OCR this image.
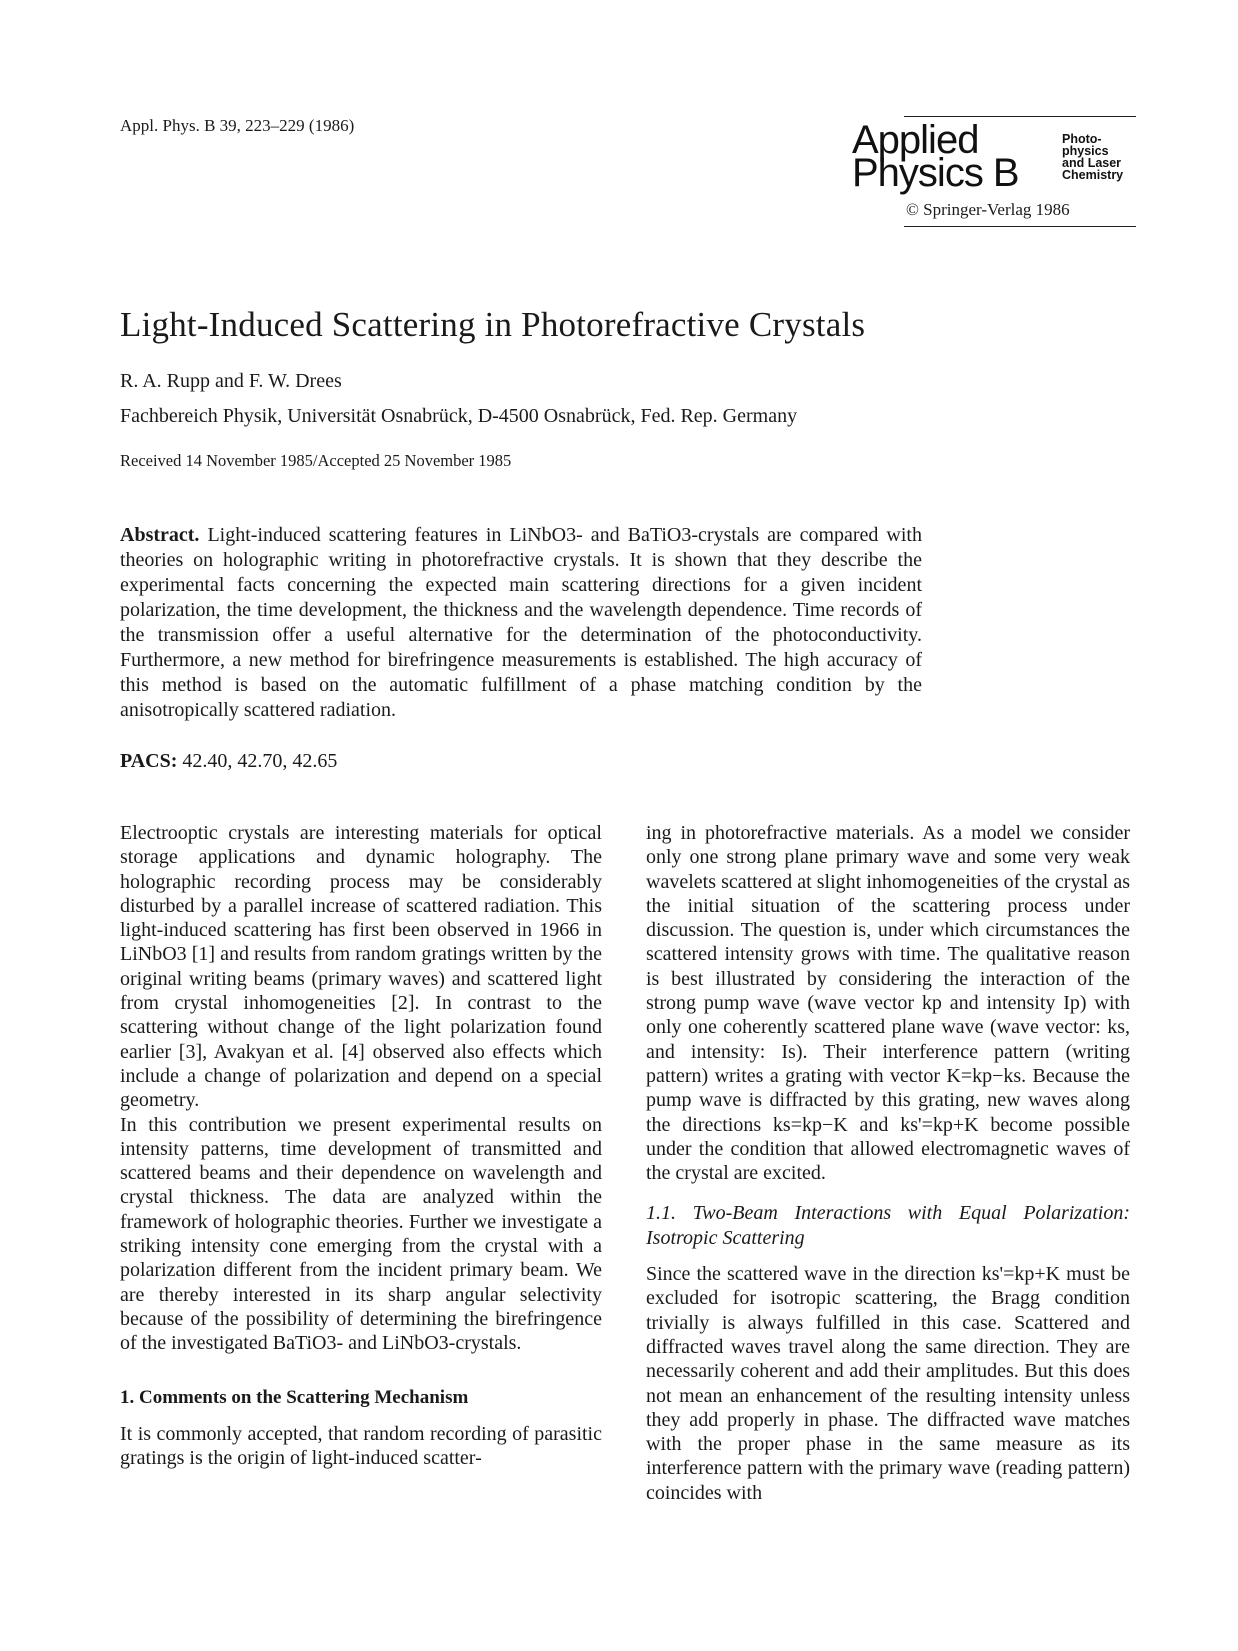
Appl. Phys. B 39, 223–229 (1986)	Applied
Physics B
Photo-
physics
and Laser
Chemistry
© Springer-Verlag 1986
Light-Induced Scattering in Photorefractive Crystals
R. A. Rupp and F. W. Drees
Fachbereich Physik, Universität Osnabrück, D-4500 Osnabrück, Fed. Rep. Germany
Received 14 November 1985/Accepted 25 November 1985
Abstract. Light-induced scattering features in LiNbO3- and BaTiO3-crystals are compared with theories on holographic writing in photorefractive crystals. It is shown that they describe the experimental facts concerning the expected main scattering directions for a given incident polarization, the time development, the thickness and the wavelength dependence. Time records of the transmission offer a useful alternative for the determination of the photoconductivity. Furthermore, a new method for birefringence measurements is established. The high accuracy of this method is based on the automatic fulfillment of a phase matching condition by the anisotropically scattered radiation.
PACS: 42.40, 42.70, 42.65

Electrooptic crystals are interesting materials for optical storage applications and dynamic holography. The holographic recording process may be considerably disturbed by a parallel increase of scattered radiation. This light-induced scattering has first been observed in 1966 in LiNbO3 [1] and results from random gratings written by the original writing beams (primary waves) and scattered light from crystal inhomogeneities [2]. In contrast to the scattering without change of the light polarization found earlier [3], Avakyan et al. [4] observed also effects which include a change of polarization and depend on a special geometry.

In this contribution we present experimental results on intensity patterns, time development of transmitted and scattered beams and their dependence on wavelength and crystal thickness. The data are analyzed within the framework of holographic theories. Further we investigate a striking intensity cone emerging from the crystal with a polarization different from the incident primary beam. We are thereby interested in its sharp angular selectivity because of the possibility of determining the birefringence of the investigated BaTiO3- and LiNbO3-crystals.

1. Comments on the Scattering Mechanism

It is commonly accepted, that random recording of parasitic gratings is the origin of light-induced scatter-

ing in photorefractive materials. As a model we consider only one strong plane primary wave and some very weak wavelets scattered at slight inhomogeneities of the crystal as the initial situation of the scattering process under discussion. The question is, under which circumstances the scattered intensity grows with time. The qualitative reason is best illustrated by considering the interaction of the strong pump wave (wave vector kp and intensity Ip) with only one coherently scattered plane wave (wave vector: ks, and intensity: Is). Their interference pattern (writing pattern) writes a grating with vector K=kp−ks. Because the pump wave is diffracted by this grating, new waves along the directions ks=kp−K and ks'=kp+K become possible under the condition that allowed electromagnetic waves of the crystal are excited.

1.1. Two-Beam Interactions with Equal Polarization: Isotropic Scattering

Since the scattered wave in the direction ks'=kp+K must be excluded for isotropic scattering, the Bragg condition trivially is always fulfilled in this case. Scattered and diffracted waves travel along the same direction. They are necessarily coherent and add their amplitudes. But this does not mean an enhancement of the resulting intensity unless they add properly in phase. The diffracted wave matches with the proper phase in the same measure as its interference pattern with the primary wave (reading pattern) coincides with
